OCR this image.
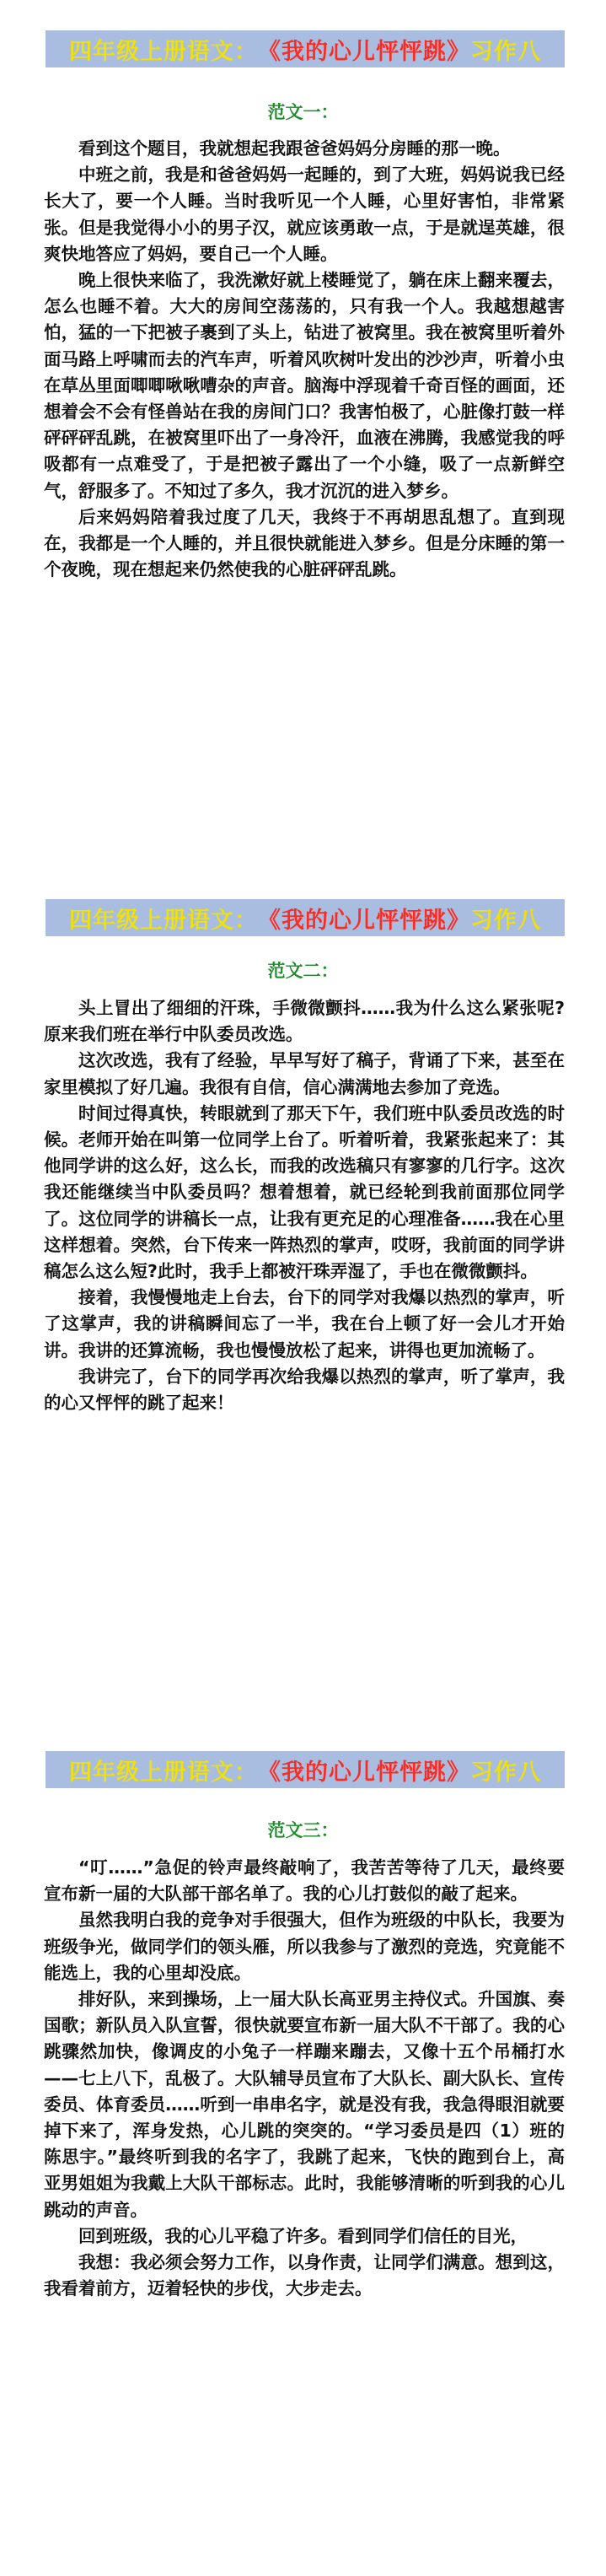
四年级上册语文： 《我的心儿怦怦跳》 习作八
范文一：

看到这个题目，我就想起我跟爸爸妈妈分房睡的那一晚。

中班之前，我是和爸爸妈妈一起睡的，到了大班，妈妈说我已经长大了，要一个人睡。当时我听见一个人睡，心里好害怕，非常紧张。但是我觉得小小的男子汉，就应该勇敢一点，于是就逞英雄，很爽快地答应了妈妈，要自己一个人睡。

晚上很快来临了，我洗漱好就上楼睡觉了，躺在床上翻来覆去，怎么也睡不着。大大的房间空荡荡的，只有我一个人。我越想越害怕，猛的一下把被子裹到了头上，钻进了被窝里。我在被窝里听着外面马路上呼啸而去的汽车声，听着风吹树叶发出的沙沙声，听着小虫在草丛里面唧唧啾啾嘈杂的声音。脑海中浮现着千奇百怪的画面，还想着会不会有怪兽站在我的房间门口？我害怕极了，心脏像打鼓一样砰砰砰乱跳，在被窝里吓出了一身冷汗，血液在沸腾，我感觉我的呼吸都有一点难受了，于是把被子露出了一个小缝，吸了一点新鲜空气，舒服多了。不知过了多久，我才沉沉的进入梦乡。

后来妈妈陪着我过度了几天，我终于不再胡思乱想了。直到现在，我都是一个人睡的，并且很快就能进入梦乡。但是分床睡的第一个夜晚，现在想起来仍然使我的心脏砰砰乱跳。

四年级上册语文： 《我的心儿怦怦跳》 习作八
范文二：

头上冒出了细细的汗珠，手微微颤抖……我为什么这么紧张呢?原来我们班在举行中队委员改选。

这次改选，我有了经验，早早写好了稿子，背诵了下来，甚至在家里模拟了好几遍。我很有自信，信心满满地去参加了竞选。

时间过得真快，转眼就到了那天下午，我们班中队委员改选的时候。老师开始在叫第一位同学上台了。听着听着，我紧张起来了：其他同学讲的这么好，这么长，而我的改选稿只有寥寥的几行字。这次我还能继续当中队委员吗？想着想着，就已经轮到我前面那位同学了。这位同学的讲稿长一点，让我有更充足的心理准备……我在心里这样想着。突然，台下传来一阵热烈的掌声，哎呀，我前面的同学讲稿怎么这么短?此时，我手上都被汗珠弄湿了，手也在微微颤抖。

接着，我慢慢地走上台去，台下的同学对我爆以热烈的掌声，听了这掌声，我的讲稿瞬间忘了一半，我在台上顿了好一会儿才开始讲。我讲的还算流畅，我也慢慢放松了起来，讲得也更加流畅了。

我讲完了，台下的同学再次给我爆以热烈的掌声，听了掌声，我的心又怦怦的跳了起来！

四年级上册语文： 《我的心儿怦怦跳》 习作八
范文三：

“叮……”急促的铃声最终敲响了，我苦苦等待了几天，最终要宣布新一届的大队部干部名单了。我的心儿打鼓似的敲了起来。

虽然我明白我的竞争对手很强大，但作为班级的中队长，我要为班级争光，做同学们的领头雁，所以我参与了激烈的竞选，究竟能不能选上，我的心里却没底。

排好队，来到操场，上一届大队长高亚男主持仪式。升国旗、奏国歌；新队员入队宣誓，很快就要宣布新一届大队不干部了。我的心跳骤然加快，像调皮的小兔子一样蹦来蹦去，又像十五个吊桶打水——七上八下，乱极了。大队辅导员宣布了大队长、副大队长、宣传委员、体育委员……听到一串串名字，就是没有我，我急得眼泪就要掉下来了，浑身发热，心儿跳的突突的。“学习委员是四（1）班的陈思宇。”最终听到我的名字了，我跳了起来，飞快的跑到台上，高亚男姐姐为我戴上大队干部标志。此时，我能够清晰的听到我的心儿跳动的声音。

回到班级，我的心儿平稳了许多。看到同学们信任的目光，

我想：我必须会努力工作，以身作责，让同学们满意。想到这，我看着前方，迈着轻快的步伐，大步走去。
